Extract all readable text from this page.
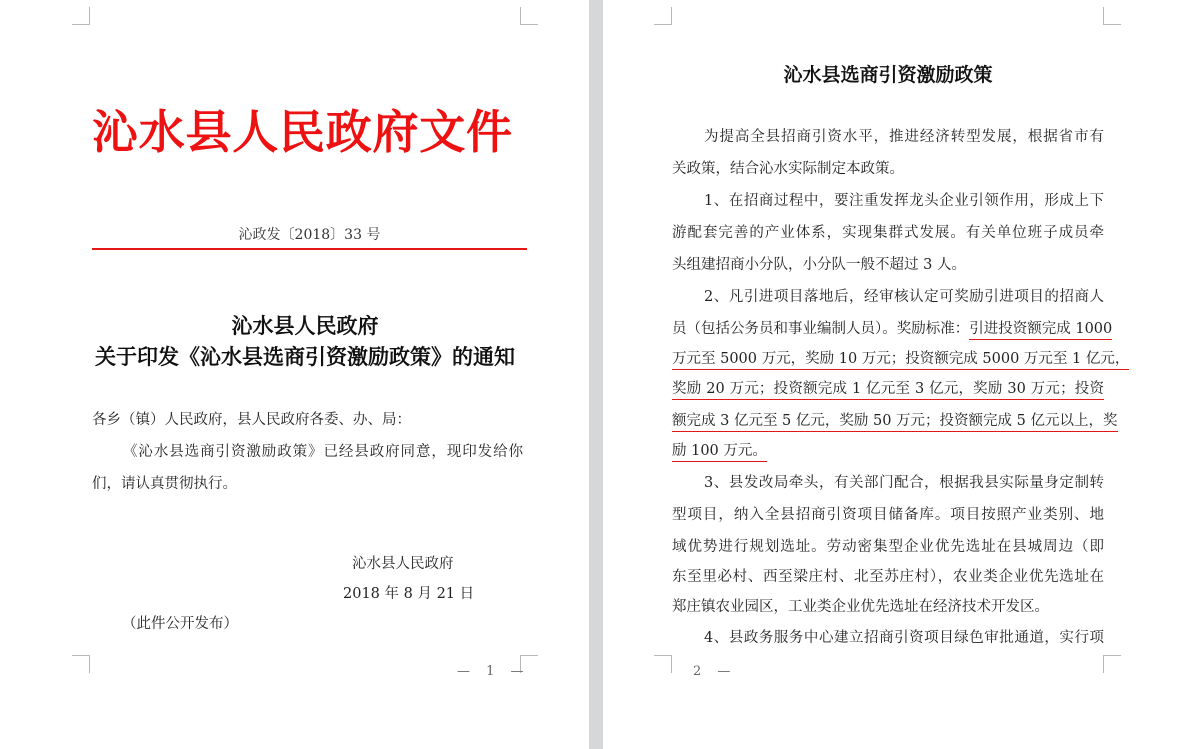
沁水县人民政府文件
沁政发〔2018〕33 号
沁水县人民政府
关于印发《沁水县选商引资激励政策》的通知
各乡（镇）人民政府，县人民政府各委、办、局：
《沁水县选商引资激励政策》已经县政府同意，现印发给你
们，请认真贯彻执行。
沁水县人民政府
2018 年 8 月 21 日
（此件公开发布）
— 1 —
沁水县选商引资激励政策
为提高全县招商引资水平，推进经济转型发展，根据省市有
关政策，结合沁水实际制定本政策。
1、在招商过程中，要注重发挥龙头企业引领作用，形成上下
游配套完善的产业体系，实现集群式发展。有关单位班子成员牵
头组建招商小分队，小分队一般不超过 3 人。
2、凡引进项目落地后，经审核认定可奖励引进项目的招商人
员（包括公务员和事业编制人员）。奖励标准：引进投资额完成 1000
万元至 5000 万元，奖励 10 万元；投资额完成 5000 万元至 1 亿元，
奖励 20 万元；投资额完成 1 亿元至 3 亿元，奖励 30 万元；投资
额完成 3 亿元至 5 亿元，奖励 50 万元；投资额完成 5 亿元以上，奖
励 100 万元。
3、县发改局牵头，有关部门配合，根据我县实际量身定制转
型项目，纳入全县招商引资项目储备库。项目按照产业类别、地
域优势进行规划选址。劳动密集型企业优先选址在县城周边（即
东至里必村、西至梁庄村、北至苏庄村），农业类企业优先选址在
郑庄镇农业园区，工业类企业优先选址在经济技术开发区。
4、县政务服务中心建立招商引资项目绿色审批通道，实行项
2 —
